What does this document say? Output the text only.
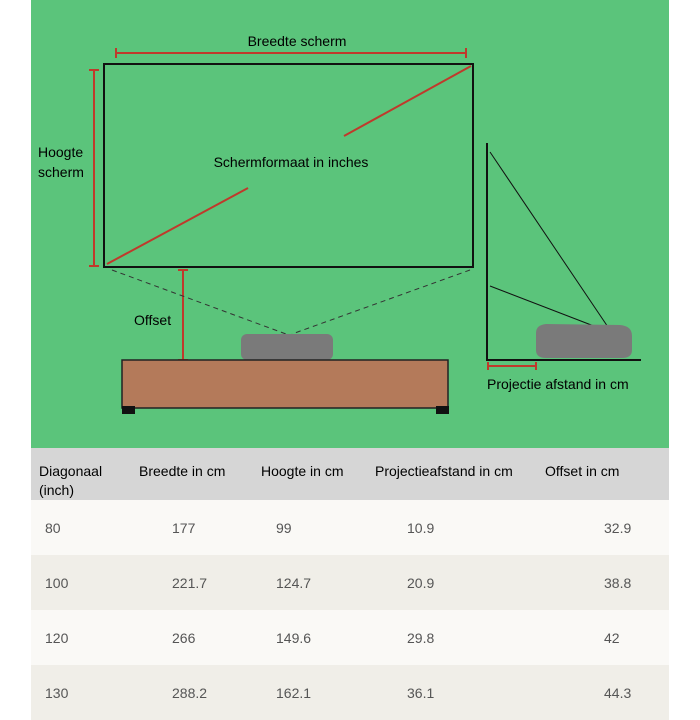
Breedte scherm
Hoogte scherm
Schermformaat in inches
Offset
Projectie afstand in cm
Diagonaal (inch)	Breedte in cm	Hoogte in cm	Projectieafstand in cm	Offset in cm
80	177	99	10.9	32.9
100	221.7	124.7	20.9	38.8
120	266	149.6	29.8	42
130	288.2	162.1	36.1	44.3
